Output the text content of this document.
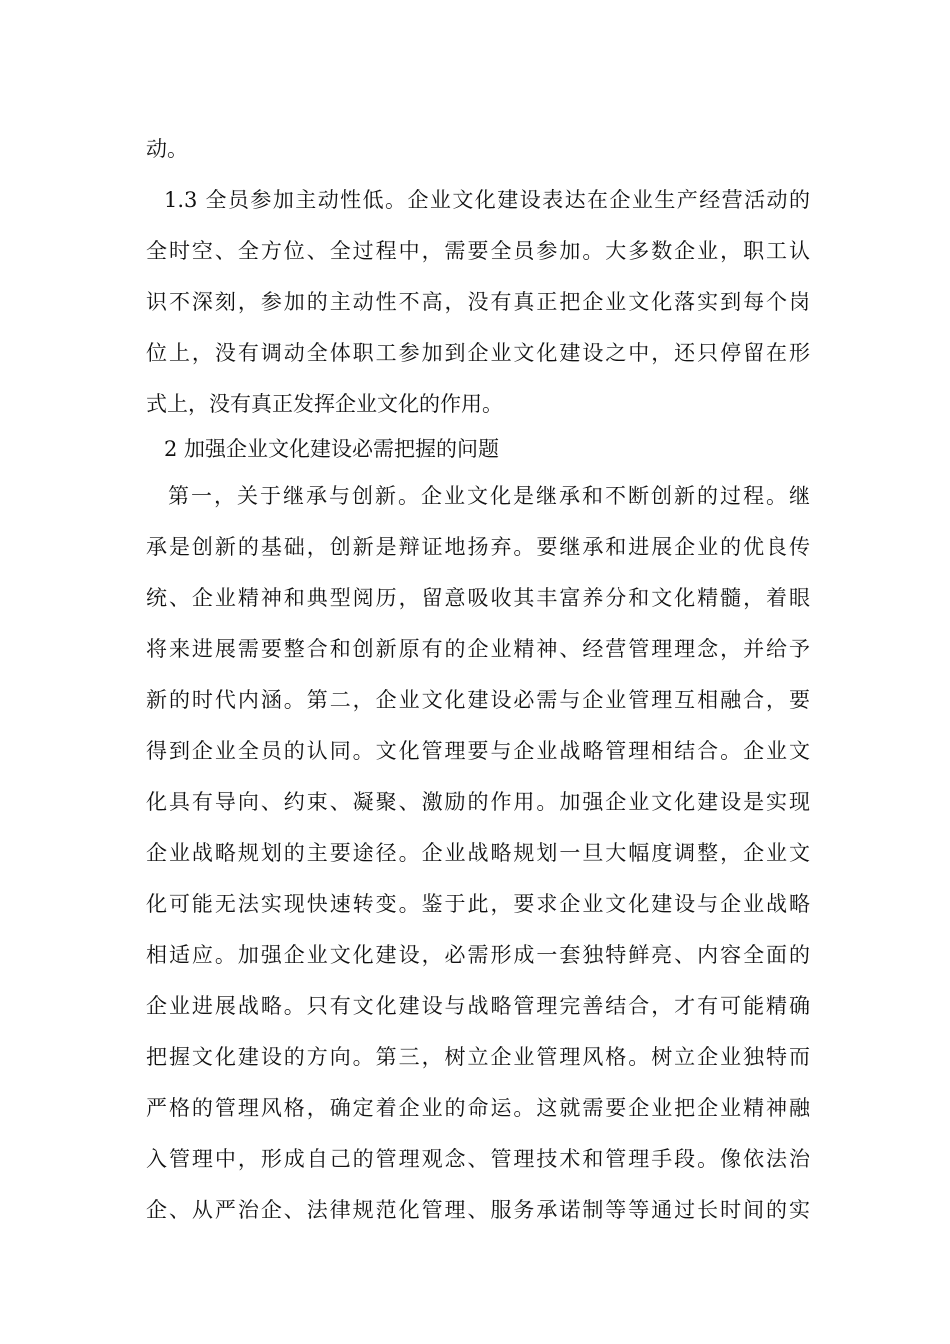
动。
1.3 全员参加主动性低。企业文化建设表达在企业生产经营活动的
全时空、全方位、全过程中，需要全员参加。大多数企业，职工认
识不深刻，参加的主动性不高，没有真正把企业文化落实到每个岗
位上，没有调动全体职工参加到企业文化建设之中，还只停留在形
式上，没有真正发挥企业文化的作用。
2 加强企业文化建设必需把握的问题
第一，关于继承与创新。企业文化是继承和不断创新的过程。继
承是创新的基础，创新是辩证地扬弃。要继承和进展企业的优良传
统、企业精神和典型阅历，留意吸收其丰富养分和文化精髓，着眼
将来进展需要整合和创新原有的企业精神、经营管理理念，并给予
新的时代内涵。第二，企业文化建设必需与企业管理互相融合，要
得到企业全员的认同。文化管理要与企业战略管理相结合。企业文
化具有导向、约束、凝聚、激励的作用。加强企业文化建设是实现
企业战略规划的主要途径。企业战略规划一旦大幅度调整，企业文
化可能无法实现快速转变。鉴于此，要求企业文化建设与企业战略
相适应。加强企业文化建设，必需形成一套独特鲜亮、内容全面的
企业进展战略。只有文化建设与战略管理完善结合，才有可能精确
把握文化建设的方向。第三，树立企业管理风格。树立企业独特而
严格的管理风格，确定着企业的命运。这就需要企业把企业精神融
入管理中，形成自己的管理观念、管理技术和管理手段。像依法治
企、从严治企、法律规范化管理、服务承诺制等等通过长时间的实
